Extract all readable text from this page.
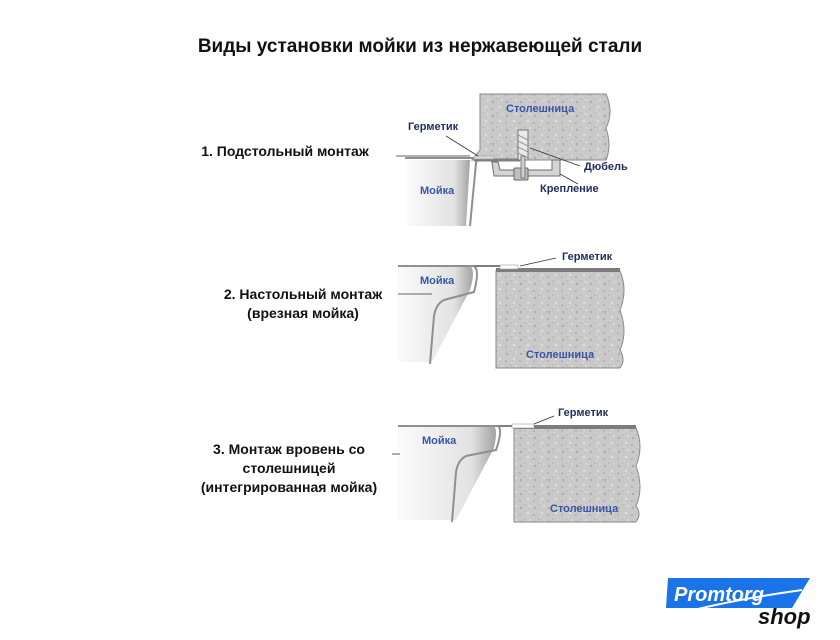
Виды установки мойки из нержавеющей стали
1. Подстольный монтаж
2. Настольный монтаж
(врезная мойка)
3. Монтаж вровень со
столешницей
(интегрированная мойка)
Герметик
Столешница
Мойка
Дюбель
Крепление
Герметик
Столешница
Мойка
Герметик
Столешница
Мойка
Promtorg
shop
